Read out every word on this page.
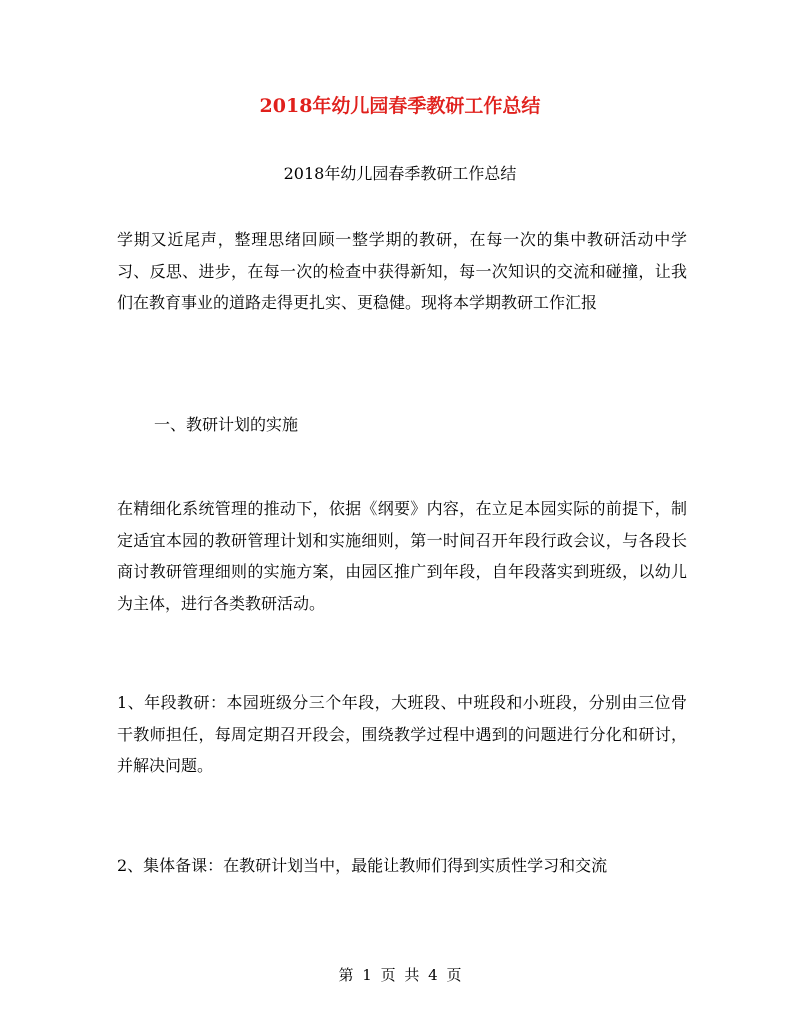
2018年幼儿园春季教研工作总结

2018年幼儿园春季教研工作总结

学期又近尾声，整理思绪回顾一整学期的教研，在每一次的集中教研活动中学习、反思、进步，在每一次的检查中获得新知，每一次知识的交流和碰撞，让我们在教育事业的道路走得更扎实、更稳健。现将本学期教研工作汇报

一、教研计划的实施

在精细化系统管理的推动下，依据《纲要》内容，在立足本园实际的前提下，制定适宜本园的教研管理计划和实施细则，第一时间召开年段行政会议，与各段长商讨教研管理细则的实施方案，由园区推广到年段，自年段落实到班级，以幼儿为主体，进行各类教研活动。

1、年段教研：本园班级分三个年段，大班段、中班段和小班段，分别由三位骨干教师担任，每周定期召开段会，围绕教学过程中遇到的问题进行分化和研讨，并解决问题。

2、集体备课：在教研计划当中，最能让教师们得到实质性学习和交流

第 1 页 共 4 页
